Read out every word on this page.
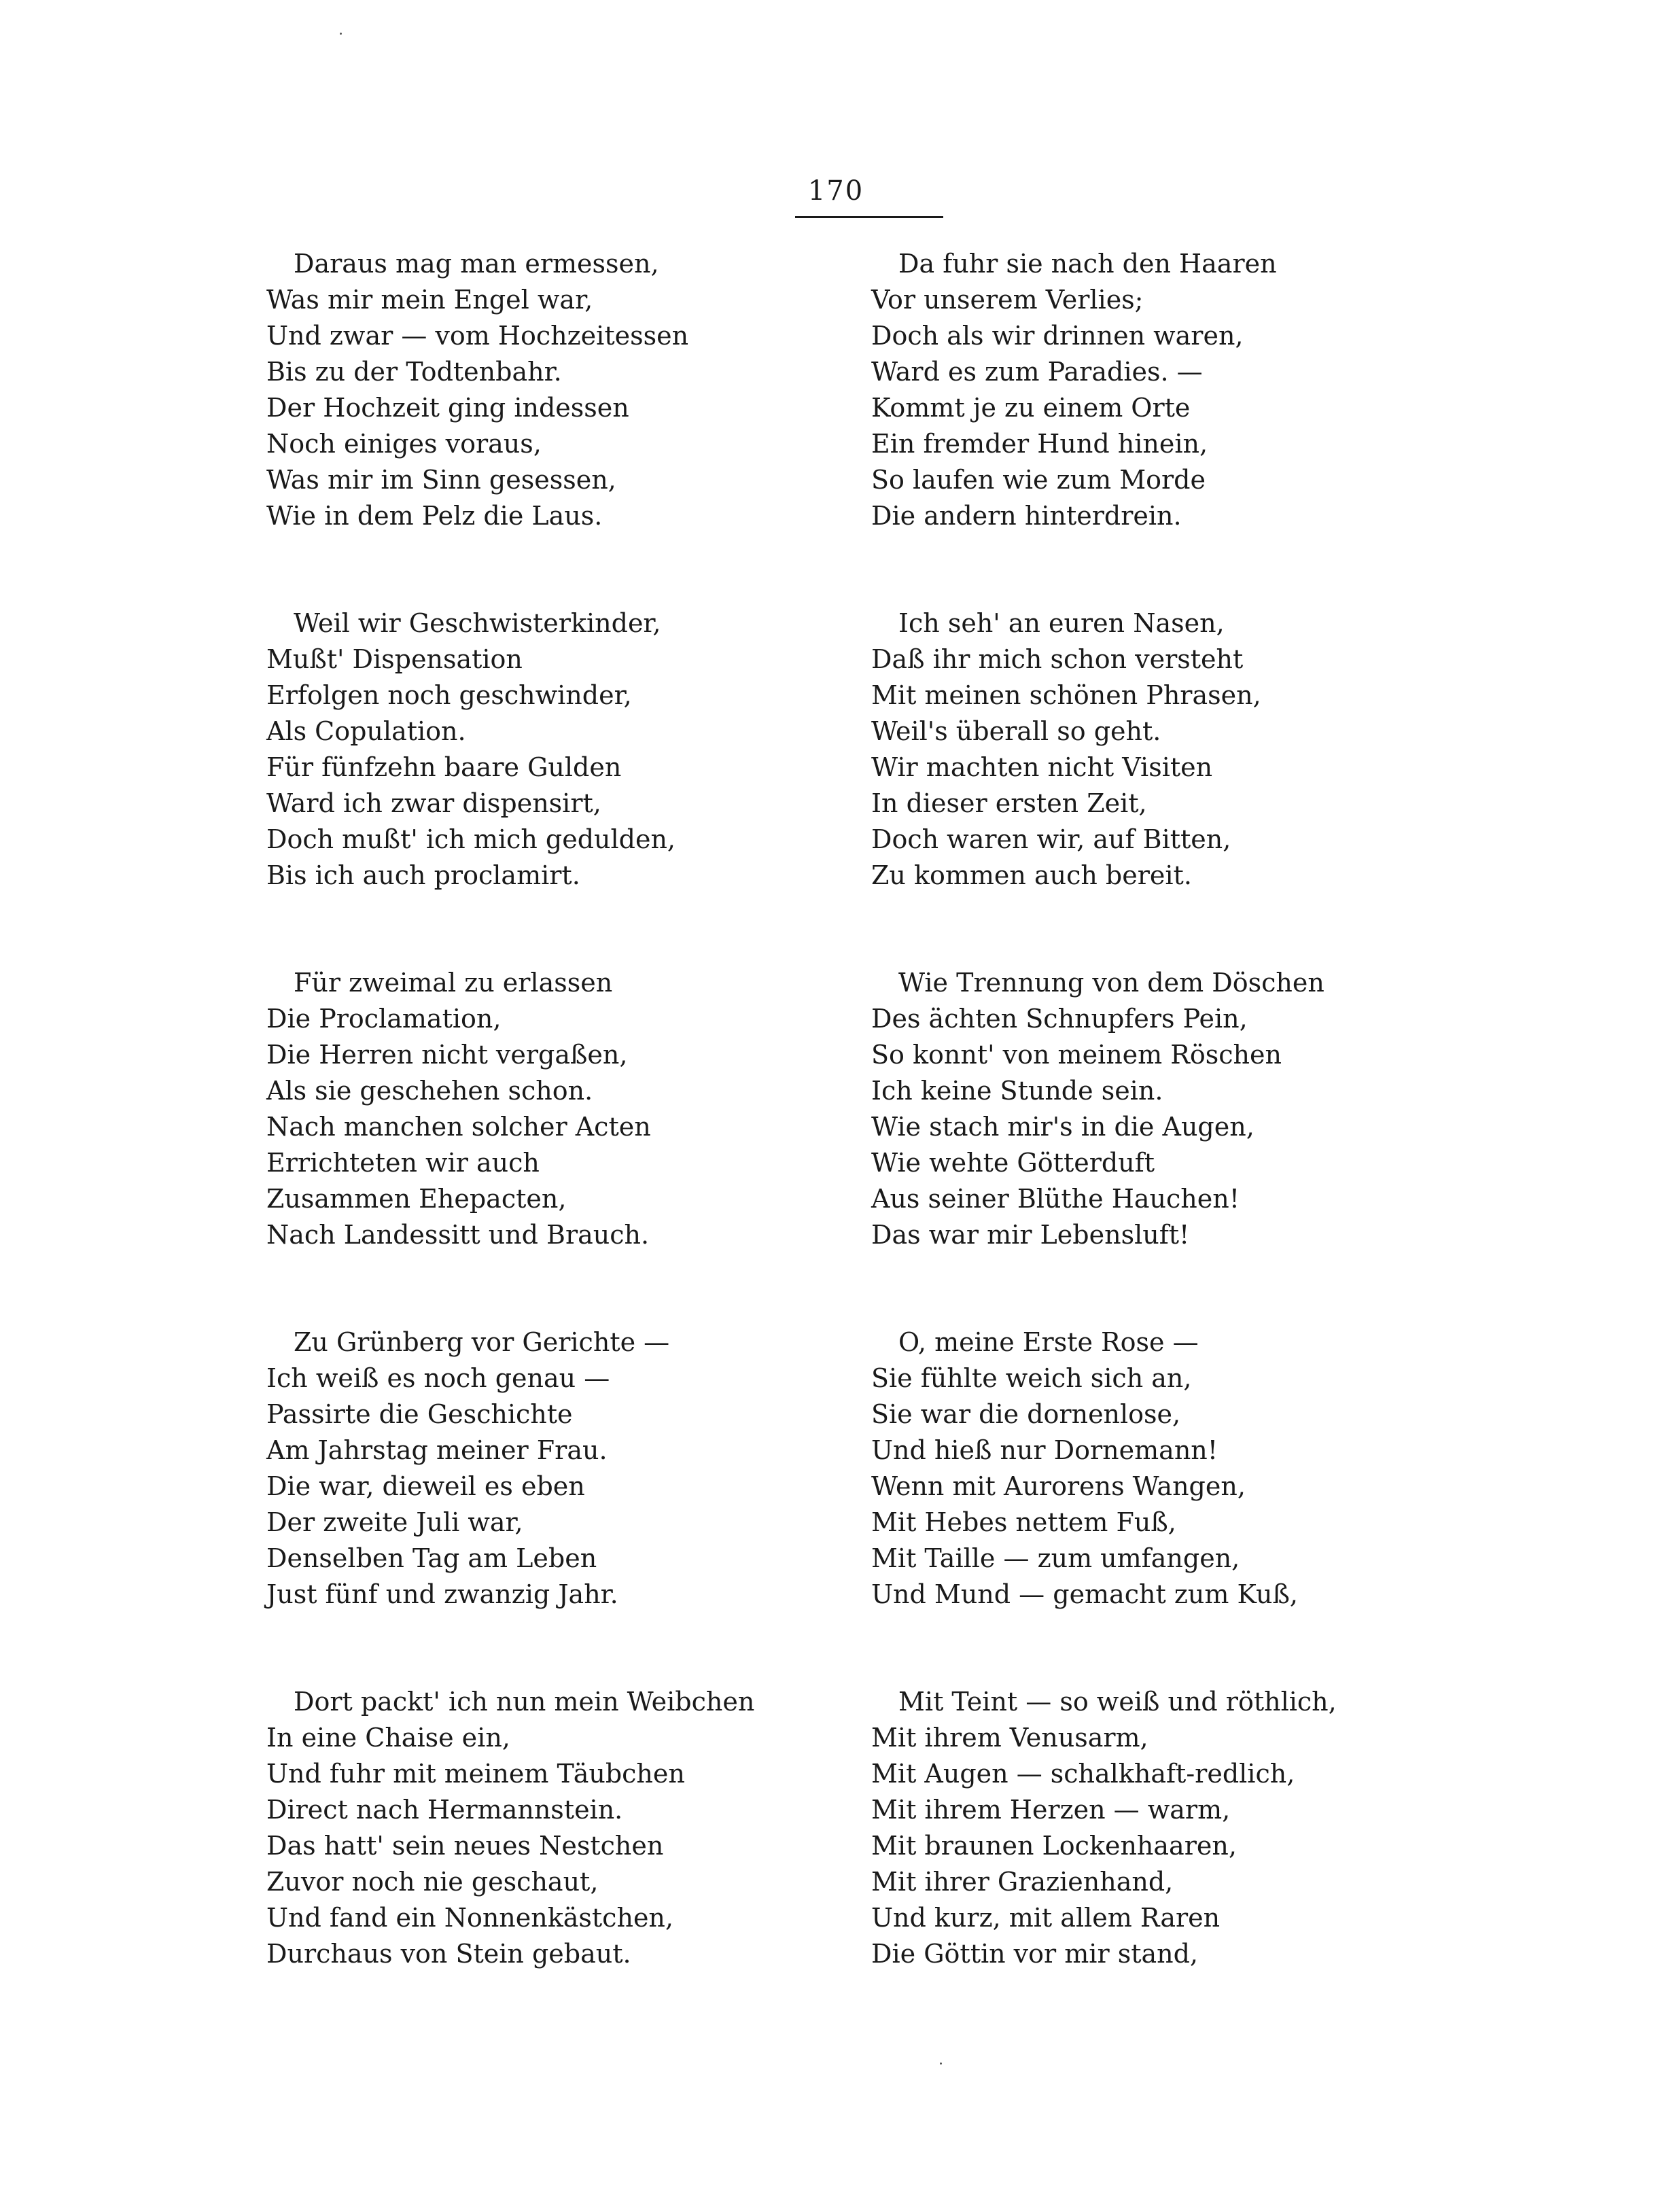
170
Daraus mag man ermessen,
Was mir mein Engel war,
Und zwar — vom Hochzeitessen
Bis zu der Todtenbahr.
Der Hochzeit ging indessen
Noch einiges voraus,
Was mir im Sinn gesessen,
Wie in dem Pelz die Laus.
Weil wir Geschwisterkinder,
Mußt' Dispensation
Erfolgen noch geschwinder,
Als Copulation.
Für fünfzehn baare Gulden
Ward ich zwar dispensirt,
Doch mußt' ich mich gedulden,
Bis ich auch proclamirt.
Für zweimal zu erlassen
Die Proclamation,
Die Herren nicht vergaßen,
Als sie geschehen schon.
Nach manchen solcher Acten
Errichteten wir auch
Zusammen Ehepacten,
Nach Landessitt und Brauch.
Zu Grünberg vor Gerichte —
Ich weiß es noch genau —
Passirte die Geschichte
Am Jahrstag meiner Frau.
Die war, dieweil es eben
Der zweite Juli war,
Denselben Tag am Leben
Just fünf und zwanzig Jahr.
Dort packt' ich nun mein Weibchen
In eine Chaise ein,
Und fuhr mit meinem Täubchen
Direct nach Hermannstein.
Das hatt' sein neues Nestchen
Zuvor noch nie geschaut,
Und fand ein Nonnenkästchen,
Durchaus von Stein gebaut.
Da fuhr sie nach den Haaren
Vor unserem Verlies;
Doch als wir drinnen waren,
Ward es zum Paradies. —
Kommt je zu einem Orte
Ein fremder Hund hinein,
So laufen wie zum Morde
Die andern hinterdrein.
Ich seh' an euren Nasen,
Daß ihr mich schon versteht
Mit meinen schönen Phrasen,
Weil's überall so geht.
Wir machten nicht Visiten
In dieser ersten Zeit,
Doch waren wir, auf Bitten,
Zu kommen auch bereit.
Wie Trennung von dem Döschen
Des ächten Schnupfers Pein,
So konnt' von meinem Röschen
Ich keine Stunde sein.
Wie stach mir's in die Augen,
Wie wehte Götterduft
Aus seiner Blüthe Hauchen!
Das war mir Lebensluft!
O, meine Erste Rose —
Sie fühlte weich sich an,
Sie war die dornenlose,
Und hieß nur Dornemann!
Wenn mit Aurorens Wangen,
Mit Hebes nettem Fuß,
Mit Taille — zum umfangen,
Und Mund — gemacht zum Kuß,
Mit Teint — so weiß und röthlich,
Mit ihrem Venusarm,
Mit Augen — schalkhaft-redlich,
Mit ihrem Herzen — warm,
Mit braunen Lockenhaaren,
Mit ihrer Grazienhand,
Und kurz, mit allem Raren
Die Göttin vor mir stand,
